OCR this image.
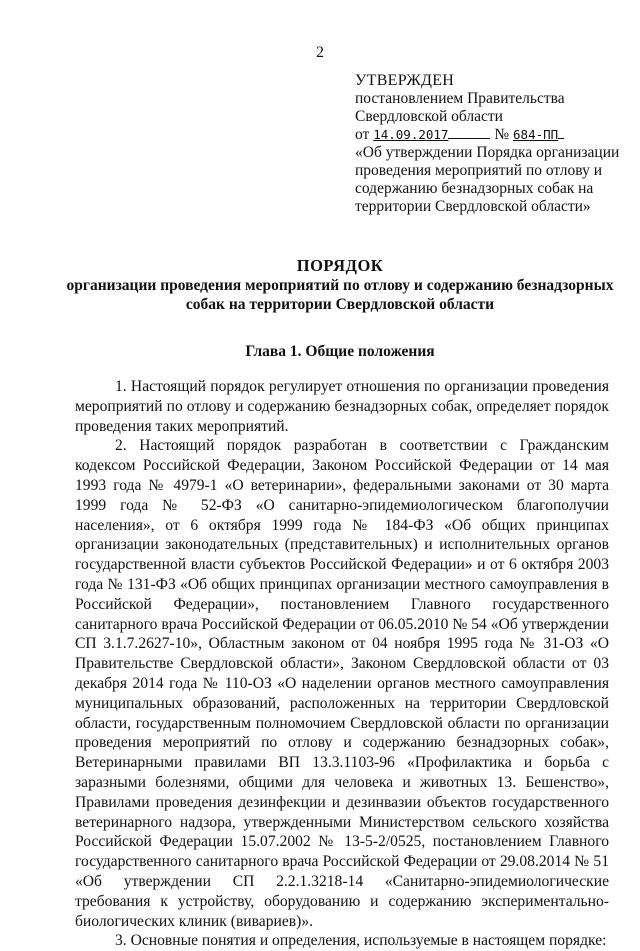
2
УТВЕРЖДЕН
постановлением Правительства
Свердловской области
от 14.09.2017	№ 684-ПП
«Об утверждении Порядка организации проведения мероприятий по отлову и содержанию безнадзорных собак на территории Свердловской области»
ПОРЯДОК
организации проведения мероприятий по отлову и содержанию безнадзорных собак на территории Свердловской области
Глава 1. Общие положения

1. Настоящий порядок регулирует отношения по организации проведения мероприятий по отлову и содержанию безнадзорных собак, определяет порядок проведения таких мероприятий.

2. Настоящий порядок разработан в соответствии с Гражданским кодексом Российской Федерации, Законом Российской Федерации от 14 мая 1993 года № 4979-1 «О ветеринарии», федеральными законами от 30 марта 1999 года № 52-ФЗ «О санитарно-эпидемиологическом благополучии населения», от 6 октября 1999 года № 184-ФЗ «Об общих принципах организации законодательных (представительных) и исполнительных органов государственной власти субъектов Российской Федерации» и от 6 октября 2003 года № 131-ФЗ «Об общих принципах организации местного самоуправления в Российской Федерации», постановлением Главного государственного санитарного врача Российской Федерации от 06.05.2010 № 54 «Об утверждении СП 3.1.7.2627-10», Областным законом от 04 ноября 1995 года № 31-ОЗ «О Правительстве Свердловской области», Законом Свердловской области от 03 декабря 2014 года № 110-ОЗ «О наделении органов местного самоуправления муниципальных образований, расположенных на территории Свердловской области, государственным полномочием Свердловской области по организации проведения мероприятий по отлову и содержанию безнадзорных собак», Ветеринарными правилами ВП 13.3.1103-96 «Профилактика и борьба с заразными болезнями, общими для человека и животных 13. Бешенство», Правилами проведения дезинфекции и дезинвазии объектов государственного ветеринарного надзора, утвержденными Министерством сельского хозяйства Российской Федерации 15.07.2002 № 13-5-2/0525, постановлением Главного государственного санитарного врача Российской Федерации от 29.08.2014 № 51 «Об утверждении СП 2.2.1.3218-14 «Санитарно-эпидемиологические требования к устройству, оборудованию и содержанию экспериментально-биологических клиник (вивариев)».

3. Основные понятия и определения, используемые в настоящем порядке:
